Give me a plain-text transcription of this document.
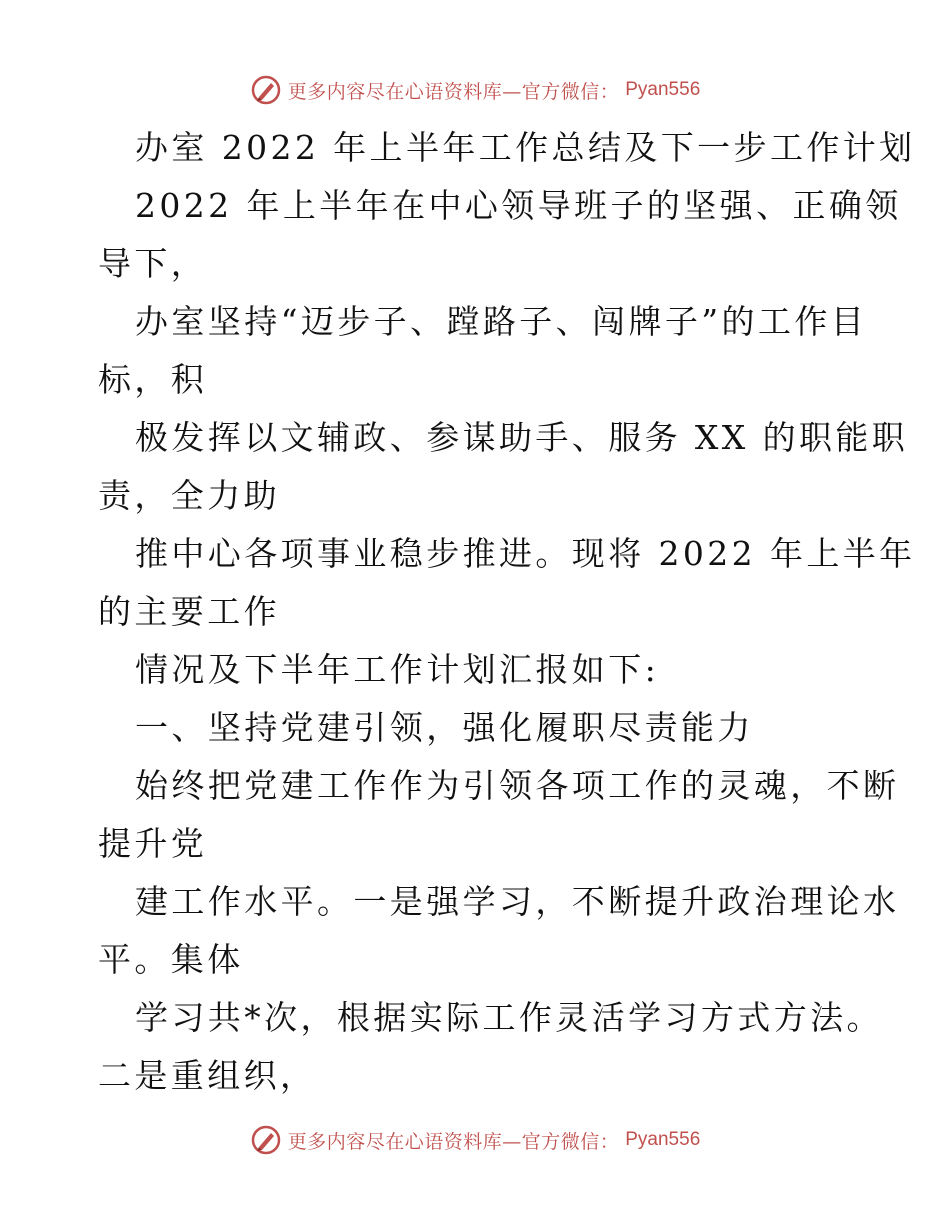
更多内容尽在心语资料库—官方微信： Pyan556
办室 2022 年上半年工作总结及下一步工作计划
2022 年上半年在中心领导班子的坚强、正确领
导下，
办室坚持“迈步子、蹚路子、闯牌子”的工作目
标，积
极发挥以文辅政、参谋助手、服务 XX 的职能职
责，全力助
推中心各项事业稳步推进。现将 2022 年上半年
的主要工作
情况及下半年工作计划汇报如下:
一、坚持党建引领，强化履职尽责能力
始终把党建工作作为引领各项工作的灵魂，不断
提升党
建工作水平。一是强学习，不断提升政治理论水
平。集体
学习共*次，根据实际工作灵活学习方式方法。
二是重组织，
更多内容尽在心语资料库—官方微信： Pyan556
